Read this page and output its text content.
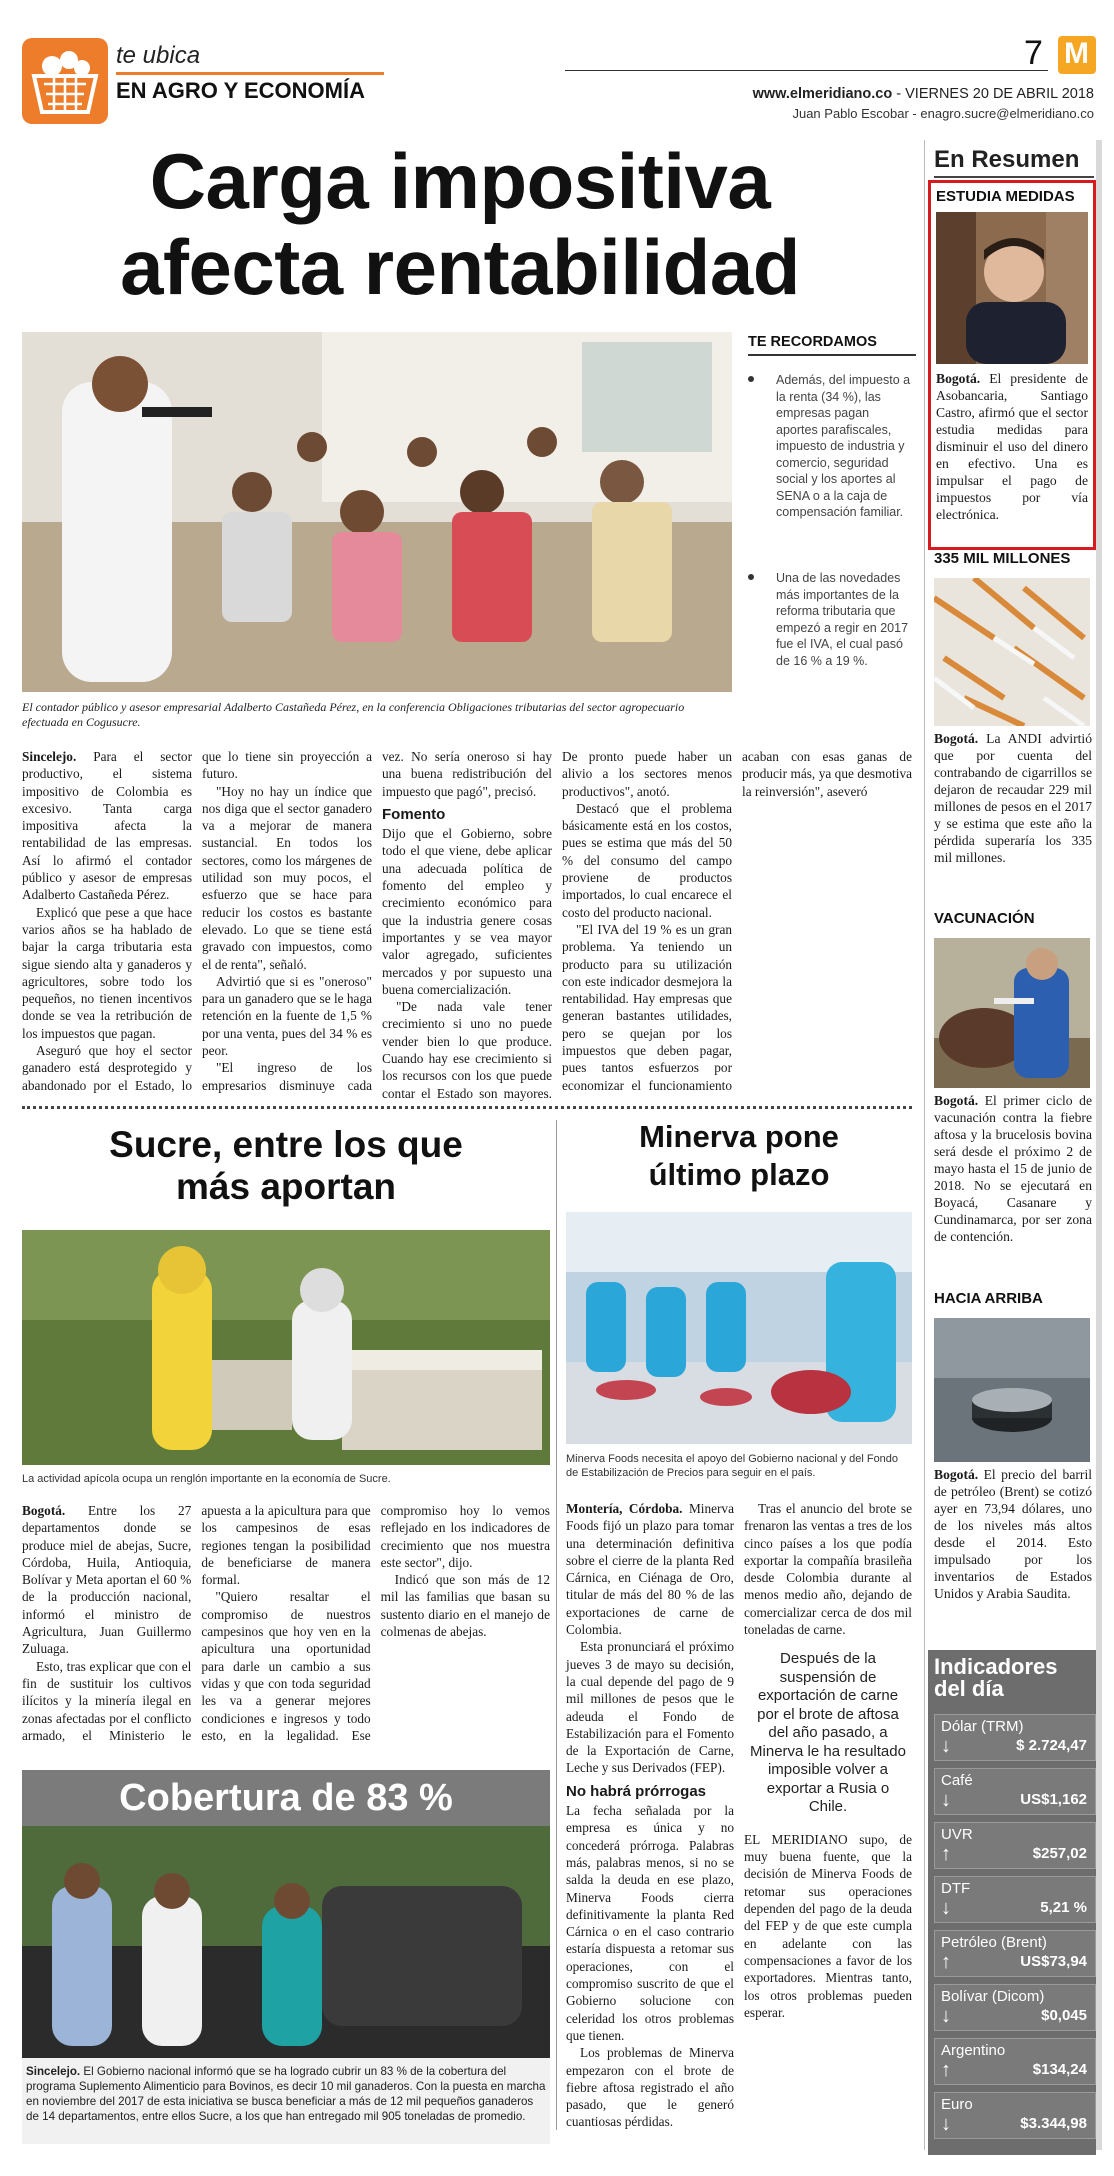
te ubica
EN AGRO Y ECONOMÍA
7 M
www.elmeridiano.co - VIERNES 20 DE ABRIL 2018
Juan Pablo Escobar - enagro.sucre@elmeridiano.co
Carga impositiva
afecta rentabilidad
El contador público y asesor empresarial Adalberto Castañeda Pérez, en la conferencia Obligaciones tributarias del sector agropecuario efectuada en Cogusucre.
TE RECORDAMOS
Además, del impuesto a la renta (34 %), las empresas pagan aportes parafiscales, impuesto de industria y comercio, seguridad social y los aportes al SENA o a la caja de compensación familiar.
Una de las novedades más importantes de la reforma tributaria que empezó a regir en 2017 fue el IVA, el cual pasó de 16 % a 19 %.

Sincelejo. Para el sector productivo, el sistema impositivo de Colombia es excesivo. Tanta carga impositiva afecta la rentabilidad de las empresas. Así lo afirmó el contador público y asesor de empresas Adalberto Castañeda Pérez.

Explicó que pese a que hace varios años se ha hablado de bajar la carga tributaria esta sigue siendo alta y ganaderos y agricultores, sobre todo los pequeños, no tienen incentivos donde se vea la retribución de los impuestos que pagan.

Aseguró que hoy el sector ganadero está desprotegido y abandonado por el Estado, lo que lo tiene sin proyección a futuro.

"Hoy no hay un índice que nos diga que el sector ganadero va a mejorar de manera sustancial. En todos los sectores, como los márgenes de utilidad son muy pocos, el esfuerzo que se hace para reducir los costos es bastante elevado. Lo que se tiene está gravado con impuestos, como el de renta", señaló.

Advirtió que si es "oneroso" para un ganadero que se le haga retención en la fuente de 1,5 % por una venta, pues del 34 % es peor.

"El ingreso de los empresarios disminuye cada vez. No sería oneroso si hay una buena redistribución del impuesto que pagó", precisó.

Fomento

Dijo que el Gobierno, sobre todo el que viene, debe aplicar una adecuada política de fomento del empleo y crecimiento económico para que la industria genere cosas importantes y se vea mayor valor agregado, suficientes mercados y por supuesto una buena comercialización.

"De nada vale tener crecimiento si uno no puede vender bien lo que produce. Cuando hay ese crecimiento si los recursos con los que puede contar el Estado son mayores. De pronto puede haber un alivio a los sectores menos productivos", anotó.

Destacó que el problema básicamente está en los costos, pues se estima que más del 50 % del consumo del campo proviene de productos importados, lo cual encarece el costo del producto nacional.

"El IVA del 19 % es un gran problema. Ya teniendo un producto para su utilización con este indicador desmejora la rentabilidad. Hay empresas que generan bastantes utilidades, pero se quejan por los impuestos que deben pagar, pues tantos esfuerzos por economizar el funcionamiento acaban con esas ganas de producir más, ya que desmotiva la reinversión", aseveró

Sucre, entre los que
más aportan
La actividad apícola ocupa un renglón importante en la economía de Sucre.

Bogotá. Entre los 27 departamentos donde se produce miel de abejas, Sucre, Córdoba, Huila, Antioquia, Bolívar y Meta aportan el 60 % de la producción nacional, informó el ministro de Agricultura, Juan Guillermo Zuluaga.

Esto, tras explicar que con el fin de sustituir los cultivos ilícitos y la minería ilegal en zonas afectadas por el conflicto armado, el Ministerio le apuesta a la apicultura para que los campesinos de esas regiones tengan la posibilidad de beneficiarse de manera formal.

"Quiero resaltar el compromiso de nuestros campesinos que hoy ven en la apicultura una oportunidad para darle un cambio a sus vidas y que con toda seguridad les va a generar mejores condiciones e ingresos y todo esto, en la legalidad. Ese compromiso hoy lo vemos reflejado en los indicadores de crecimiento que nos muestra este sector", dijo.

Indicó que son más de 12 mil las familias que basan su sustento diario en el manejo de colmenas de abejas.

Cobertura de 83 %
Sincelejo. El Gobierno nacional informó que se ha logrado cubrir un 83 % de la cobertura del programa Suplemento Alimenticio para Bovinos, es decir 10 mil ganaderos. Con la puesta en marcha en noviembre del 2017 de esta iniciativa se busca beneficiar a más de 12 mil pequeños ganaderos de 14 departamentos, entre ellos Sucre, a los que han entregado mil 905 toneladas de promedio.
Minerva pone
último plazo
Minerva Foods necesita el apoyo del Gobierno nacional y del Fondo de Estabilización de Precios para seguir en el país.

Montería, Córdoba. Minerva Foods fijó un plazo para tomar una determinación definitiva sobre el cierre de la planta Red Cárnica, en Ciénaga de Oro, titular de más del 80 % de las exportaciones de carne de Colombia.

Esta pronunciará el próximo jueves 3 de mayo su decisión, la cual depende del pago de 9 mil millones de pesos que le adeuda el Fondo de Estabilización para el Fomento de la Exportación de Carne, Leche y sus Derivados (FEP).

No habrá prórrogas

La fecha señalada por la empresa es única y no concederá prórroga. Palabras más, palabras menos, si no se salda la deuda en ese plazo, Minerva Foods cierra definitivamente la planta Red Cárnica o en el caso contrario estaría dispuesta a retomar sus operaciones, con el compromiso suscrito de que el Gobierno solucione con celeridad los otros problemas que tienen.

Los problemas de Minerva empezaron con el brote de fiebre aftosa registrado el año pasado, que le generó cuantiosas pérdidas.

Tras el anuncio del brote se frenaron las ventas a tres de los cinco países a los que podía exportar la compañía brasileña desde Colombia durante al menos medio año, dejando de comercializar cerca de dos mil toneladas de carne.

Después de la suspensión de exportación de carne por el brote de aftosa del año pasado, a Minerva le ha resultado imposible volver a exportar a Rusia o Chile.

EL MERIDIANO supo, de muy buena fuente, que la decisión de Minerva Foods de retomar sus operaciones dependen del pago de la deuda del FEP y de que este cumpla en adelante con las compensaciones a favor de los exportadores. Mientras tanto, los otros problemas pueden esperar.

En Resumen
ESTUDIA MEDIDAS
Bogotá. El presidente de Asobancaria, Santiago Castro, afirmó que el sector estudia medidas para disminuir el uso del dinero en efectivo. Una es impulsar el pago de impuestos por vía electrónica.
335 MIL MILLONES
Bogotá. La ANDI advirtió que por cuenta del contrabando de cigarrillos se dejaron de recaudar 229 mil millones de pesos en el 2017 y se estima que este año la pérdida superaría los 335 mil millones.
VACUNACIÓN
Bogotá. El primer ciclo de vacunación contra la fiebre aftosa y la brucelosis bovina será desde el próximo 2 de mayo hasta el 15 de junio de 2018. No se ejecutará en Boyacá, Casanare y Cundinamarca, por ser zona de contención.
HACIA ARRIBA
Bogotá. El precio del barril de petróleo (Brent) se cotizó ayer en 73,94 dólares, uno de los niveles más altos desde el 2014. Esto impulsado por los inventarios de Estados Unidos y Arabia Saudita.
Indicadores
del día
Dólar (TRM)
↓	$ 2.724,47
Café
↓	US$1,162
UVR
↑	$257,02
DTF
↓	5,21 %
Petróleo (Brent)
↑	US$73,94
Bolívar (Dicom)
↓	$0,045
Argentino
↑	$134,24
Euro
↓	$3.344,98
